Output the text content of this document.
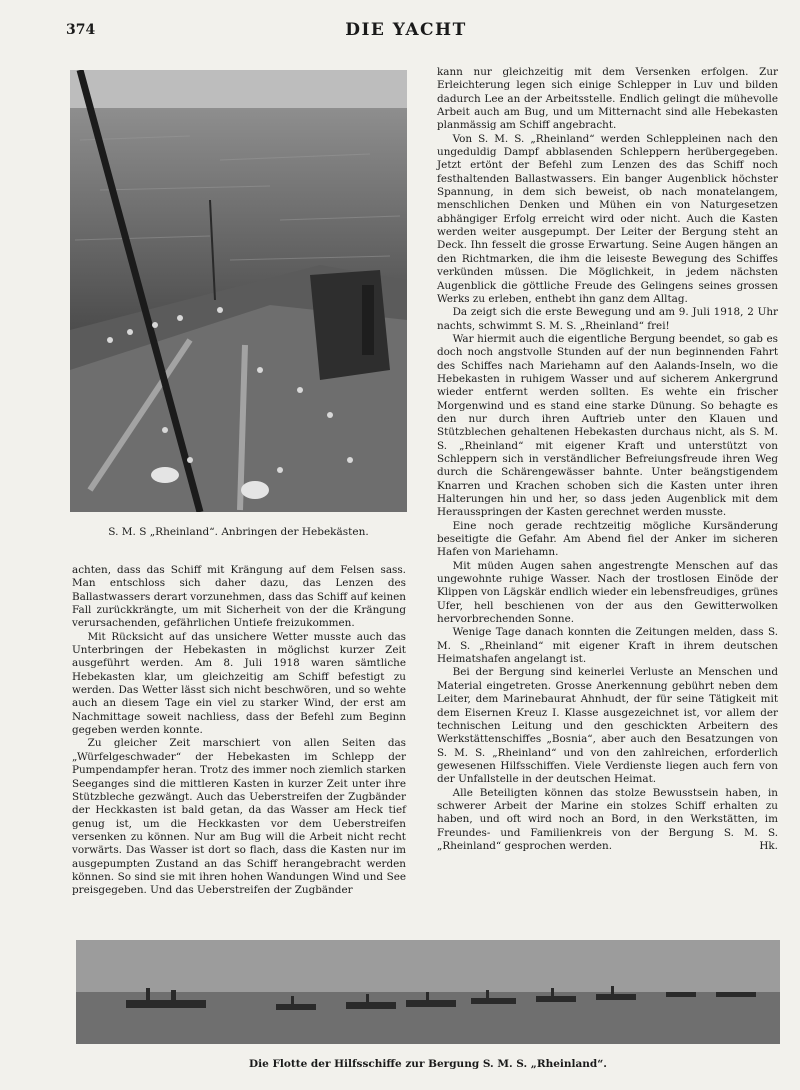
374	DIE YACHT
S. M. S „Rheinland“. Anbringen der Hebekästen.

achten, dass das Schiff mit Krängung auf dem Felsen sass. Man entschloss sich daher dazu, das Lenzen des Ballastwassers derart vorzunehmen, dass das Schiff auf keinen Fall zurückkrängte, um mit Sicherheit von der die Krängung verursachenden, gefährlichen Untiefe freizukommen.

Mit Rücksicht auf das unsichere Wetter musste auch das Unterbringen der Hebekasten in möglichst kurzer Zeit ausgeführt werden. Am 8. Juli 1918 waren sämtliche Hebekasten klar, um gleichzeitig am Schiff befestigt zu werden. Das Wetter lässt sich nicht beschwören, und so wehte auch an diesem Tage ein viel zu starker Wind, der erst am Nachmittage soweit nachliess, dass der Befehl zum Beginn gegeben werden konnte.

Zu gleicher Zeit marschiert von allen Seiten das „Würfelgeschwader“ der Hebekasten im Schlepp der Pumpendampfer heran. Trotz des immer noch ziemlich starken Seeganges sind die mittleren Kasten in kurzer Zeit unter ihre Stützbleche gezwängt. Auch das Ueberstreifen der Zugbänder der Heckkasten ist bald getan, da das Wasser am Heck tief genug ist, um die Heckkasten vor dem Ueberstreifen versenken zu können. Nur am Bug will die Arbeit nicht recht vorwärts. Das Wasser ist dort so flach, dass die Kasten nur im ausgepumpten Zustand an das Schiff herangebracht werden können. So sind sie mit ihren hohen Wandungen Wind und See preisgegeben. Und das Ueberstreifen der Zugbänder

kann nur gleichzeitig mit dem Versenken erfolgen. Zur Erleichterung legen sich einige Schlepper in Luv und bilden dadurch Lee an der Arbeitsstelle. Endlich gelingt die mühevolle Arbeit auch am Bug, und um Mitternacht sind alle Hebekasten planmässig am Schiff angebracht.

Von S. M. S. „Rheinland“ werden Schleppleinen nach den ungeduldig Dampf abblasenden Schleppern herübergegeben. Jetzt ertönt der Befehl zum Lenzen des das Schiff noch festhaltenden Ballastwassers. Ein banger Augenblick höchster Spannung, in dem sich beweist, ob nach monatelangem, menschlichen Denken und Mühen ein von Naturgesetzen abhängiger Erfolg erreicht wird oder nicht. Auch die Kasten werden weiter ausgepumpt. Der Leiter der Bergung steht an Deck. Ihn fesselt die grosse Erwartung. Seine Augen hängen an den Richtmarken, die ihm die leiseste Bewegung des Schiffes verkünden müssen. Die Möglichkeit, in jedem nächsten Augenblick die göttliche Freude des Gelingens seines grossen Werks zu erleben, enthebt ihn ganz dem Alltag.

Da zeigt sich die erste Bewegung und am 9. Juli 1918, 2 Uhr nachts, schwimmt S. M. S. „Rheinland“ frei!

War hiermit auch die eigentliche Bergung beendet, so gab es doch noch angstvolle Stunden auf der nun beginnenden Fahrt des Schiffes nach Mariehamn auf den Aalands-Inseln, wo die Hebekasten in ruhigem Wasser und auf sicherem Ankergrund wieder entfernt werden sollten. Es wehte ein frischer Morgenwind und es stand eine starke Dünung. So behagte es den nur durch ihren Auftrieb unter den Klauen und Stützblechen gehaltenen Hebekasten durchaus nicht, als S. M. S. „Rheinland“ mit eigener Kraft und unterstützt von Schleppern sich in verständlicher Befreiungsfreude ihren Weg durch die Schärengewässer bahnte. Unter beängstigendem Knarren und Krachen schoben sich die Kasten unter ihren Halterungen hin und her, so dass jeden Augenblick mit dem Herausspringen der Kasten gerechnet werden musste.

Eine noch gerade rechtzeitig mögliche Kursänderung beseitigte die Gefahr. Am Abend fiel der Anker im sicheren Hafen von Mariehamn.

Mit müden Augen sahen angestrengte Menschen auf das ungewohnte ruhige Wasser. Nach der trostlosen Einöde der Klippen von Lägskär endlich wieder ein lebensfreudiges, grünes Ufer, hell beschienen von der aus den Gewitterwolken hervorbrechenden Sonne.

Wenige Tage danach konnten die Zeitungen melden, dass S. M. S. „Rheinland“ mit eigener Kraft in ihrem deutschen Heimatshafen angelangt ist.

Bei der Bergung sind keinerlei Verluste an Menschen und Material eingetreten. Grosse Anerkennung gebührt neben dem Leiter, dem Marinebaurat Ahnhudt, der für seine Tätigkeit mit dem Eisernen Kreuz I. Klasse ausgezeichnet ist, vor allem der technischen Leitung und den geschickten Arbeitern des Werkstättenschiffes „Bosnia“, aber auch den Besatzungen von S. M. S. „Rheinland“ und von den zahlreichen, erforderlich gewesenen Hilfsschiffen. Viele Verdienste liegen auch fern von der Unfallstelle in der deutschen Heimat.

Alle Beteiligten können das stolze Bewusstsein haben, in schwerer Arbeit der Marine ein stolzes Schiff erhalten zu haben, und oft wird noch an Bord, in den Werkstätten, im Freundes- und Familienkreis von der Bergung S. M. S. „Rheinland“ gesprochen werden.	Hk.
Die Flotte der Hilfsschiffe zur Bergung S. M. S. „Rheinland“.
